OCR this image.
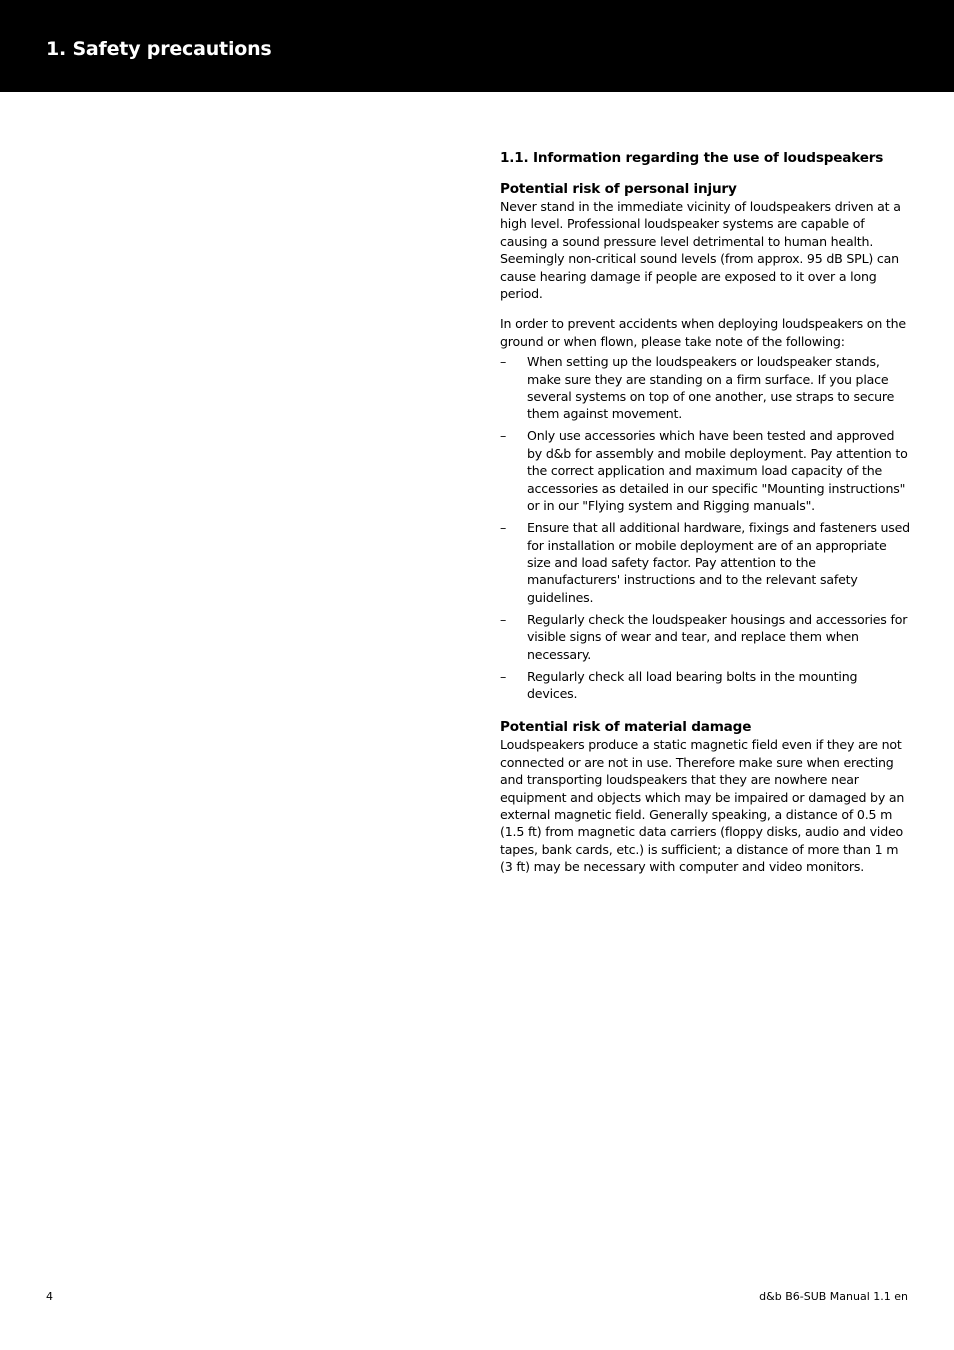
1. Safety precautions
1.1. Information regarding the use of loudspeakers
Potential risk of personal injury

Never stand in the immediate vicinity of loudspeakers driven at a high level. Professional loudspeaker systems are capable of causing a sound pressure level detrimental to human health. Seemingly non-critical sound levels (from approx. 95 dB SPL) can cause hearing damage if people are exposed to it over a long period.

In order to prevent accidents when deploying loudspeakers on the ground or when flown, please take note of the following:

–	When setting up the loudspeakers or loudspeaker stands, make sure they are standing on a firm surface. If you place several systems on top of one another, use straps to secure them against movement.
–	Only use accessories which have been tested and approved by d&b for assembly and mobile deployment. Pay attention to the correct application and maximum load capacity of the accessories as detailed in our specific "Mounting instructions" or in our "Flying system and Rigging manuals".
–	Ensure that all additional hardware, fixings and fasteners used for installation or mobile deployment are of an appropriate size and load safety factor. Pay attention to the manufacturers' instructions and to the relevant safety guidelines.
–	Regularly check the loudspeaker housings and accessories for visible signs of wear and tear, and replace them when necessary.
–	Regularly check all load bearing bolts in the mounting devices.
Potential risk of material damage

Loudspeakers produce a static magnetic field even if they are not connected or are not in use. Therefore make sure when erecting and transporting loudspeakers that they are nowhere near equipment and objects which may be impaired or damaged by an external magnetic field. Generally speaking, a distance of 0.5 m (1.5 ft) from magnetic data carriers (floppy disks, audio and video tapes, bank cards, etc.) is sufficient; a distance of more than 1 m (3 ft) may be necessary with computer and video monitors.

4	d&b B6-SUB Manual 1.1 en
